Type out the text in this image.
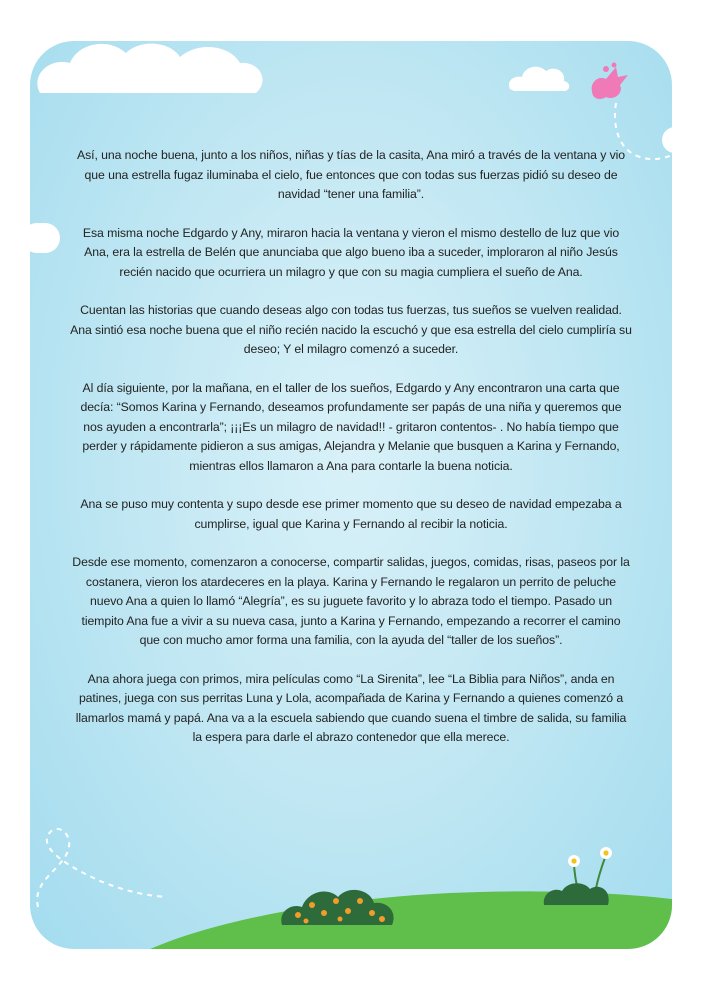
Así, una noche buena, junto a los niños, niñas y tías de la casita, Ana miró a través de la ventana y vio que una estrella fugaz iluminaba el cielo, fue entonces que con todas sus fuerzas pidió su deseo de navidad “tener una familia”.

Esa misma noche Edgardo y Any, miraron hacia la ventana y vieron el mismo destello de luz que vio Ana, era la estrella de Belén que anunciaba que algo bueno iba a suceder, imploraron al niño Jesús recién nacido que ocurriera un milagro y que con su magia cumpliera el sueño de Ana.

Cuentan las historias que cuando deseas algo con todas tus fuerzas, tus sueños se vuelven realidad. Ana sintió esa noche buena que el niño recién nacido la escuchó y que esa estrella del cielo cumpliría su deseo; Y el milagro comenzó a suceder.

Al día siguiente, por la mañana, en el taller de los sueños, Edgardo y Any encontraron una carta que decía: “Somos Karina y Fernando, deseamos profundamente ser papás de una niña y queremos que nos ayuden a encontrarla”; ¡¡¡Es un milagro de navidad!! - gritaron contentos- . No había tiempo que perder y rápidamente pidieron a sus amigas, Alejandra y Melanie que busquen a Karina y Fernando, mientras ellos llamaron a Ana para contarle la buena noticia.

Ana se puso muy contenta y supo desde ese primer momento que su deseo de navidad empezaba a cumplirse, igual que Karina y Fernando al recibir la noticia.

Desde ese momento, comenzaron a conocerse, compartir salidas, juegos, comidas, risas, paseos por la costanera, vieron los atardeceres en la playa. Karina y Fernando le regalaron un perrito de peluche nuevo Ana a quien lo llamó “Alegría”, es su juguete favorito y lo abraza todo el tiempo. Pasado un tiempito Ana fue a vivir a su nueva casa, junto a Karina y Fernando, empezando a recorrer el camino que con mucho amor forma una familia, con la ayuda del “taller de los sueños”.

Ana ahora juega con primos, mira películas como “La Sirenita”, lee “La Biblia para Niños”, anda en patines, juega con sus perritas Luna y Lola, acompañada de Karina y Fernando a quienes comenzó a llamarlos mamá y papá. Ana va a la escuela sabiendo que cuando suena el timbre de salida, su familia la espera para darle el abrazo contenedor que ella merece.
